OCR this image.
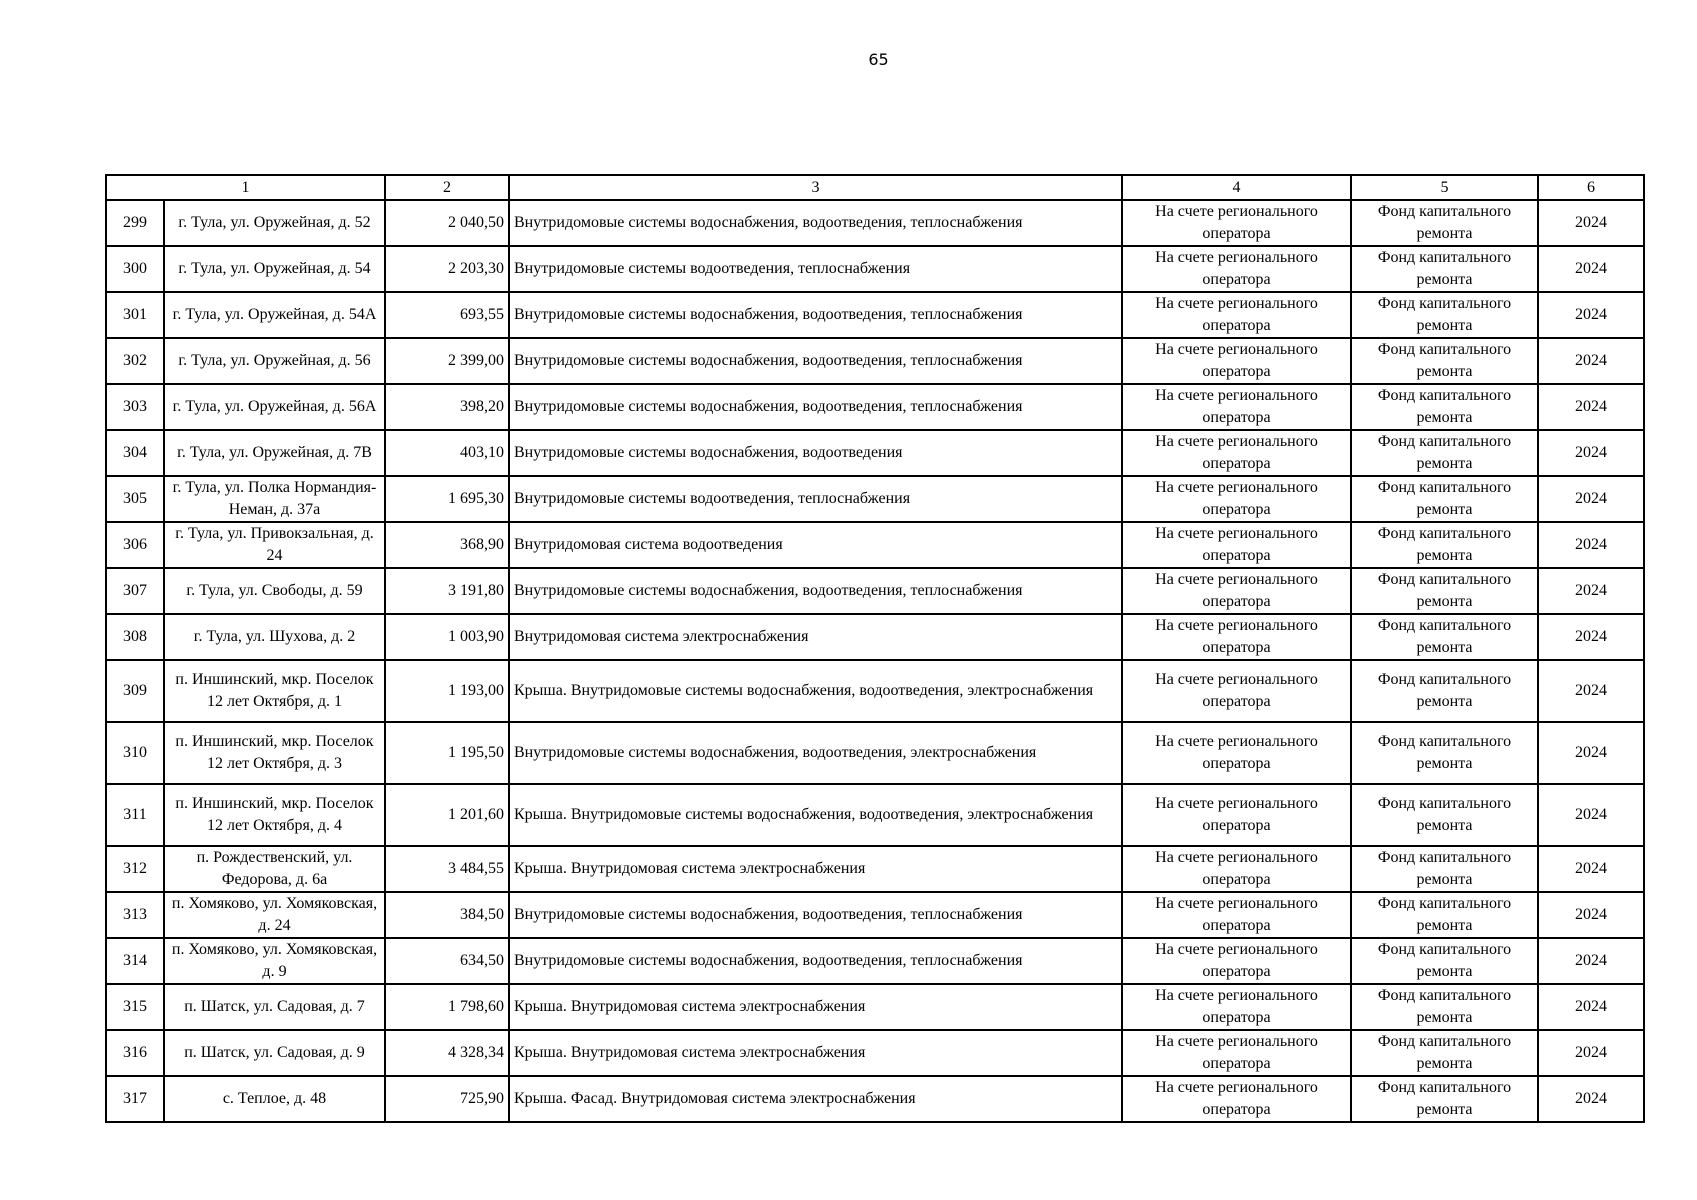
65
1		2	3	4	5	6
299	г. Тула, ул. Оружейная, д. 52	2 040,50	Внутридомовые системы водоснабжения, водоотведения, теплоснабжения	На счете регионального оператора	Фонд капитального ремонта	2024
300	г. Тула, ул. Оружейная, д. 54	2 203,30	Внутридомовые системы водоотведения, теплоснабжения	На счете регионального оператора	Фонд капитального ремонта	2024
301	г. Тула, ул. Оружейная, д. 54А	693,55	Внутридомовые системы водоснабжения, водоотведения, теплоснабжения	На счете регионального оператора	Фонд капитального ремонта	2024
302	г. Тула, ул. Оружейная, д. 56	2 399,00	Внутридомовые системы водоснабжения, водоотведения, теплоснабжения	На счете регионального оператора	Фонд капитального ремонта	2024
303	г. Тула, ул. Оружейная, д. 56А	398,20	Внутридомовые системы водоснабжения, водоотведения, теплоснабжения	На счете регионального оператора	Фонд капитального ремонта	2024
304	г. Тула, ул. Оружейная, д. 7В	403,10	Внутридомовые системы водоснабжения, водоотведения	На счете регионального оператора	Фонд капитального ремонта	2024
305	г. Тула, ул. Полка Нормандия-Неман, д. 37а	1 695,30	Внутридомовые системы водоотведения, теплоснабжения	На счете регионального оператора	Фонд капитального ремонта	2024
306	г. Тула, ул. Привокзальная, д. 24	368,90	Внутридомовая система водоотведения	На счете регионального оператора	Фонд капитального ремонта	2024
307	г. Тула, ул. Свободы, д. 59	3 191,80	Внутридомовые системы водоснабжения, водоотведения, теплоснабжения	На счете регионального оператора	Фонд капитального ремонта	2024
308	г. Тула, ул. Шухова, д. 2	1 003,90	Внутридомовая система электроснабжения	На счете регионального оператора	Фонд капитального ремонта	2024
309	п. Иншинский, мкр. Поселок 12 лет Октября, д. 1	1 193,00	Крыша. Внутридомовые системы водоснабжения, водоотведения, электроснабжения	На счете регионального оператора	Фонд капитального ремонта	2024
310	п. Иншинский, мкр. Поселок 12 лет Октября, д. 3	1 195,50	Внутридомовые системы водоснабжения, водоотведения, электроснабжения	На счете регионального оператора	Фонд капитального ремонта	2024
311	п. Иншинский, мкр. Поселок 12 лет Октября, д. 4	1 201,60	Крыша. Внутридомовые системы водоснабжения, водоотведения, электроснабжения	На счете регионального оператора	Фонд капитального ремонта	2024
312	п. Рождественский, ул. Федорова, д. 6а	3 484,55	Крыша. Внутридомовая система электроснабжения	На счете регионального оператора	Фонд капитального ремонта	2024
313	п. Хомяково, ул. Хомяковская, д. 24	384,50	Внутридомовые системы водоснабжения, водоотведения, теплоснабжения	На счете регионального оператора	Фонд капитального ремонта	2024
314	п. Хомяково, ул. Хомяковская, д. 9	634,50	Внутридомовые системы водоснабжения, водоотведения, теплоснабжения	На счете регионального оператора	Фонд капитального ремонта	2024
315	п. Шатск, ул. Садовая, д. 7	1 798,60	Крыша. Внутридомовая система электроснабжения	На счете регионального оператора	Фонд капитального ремонта	2024
316	п. Шатск, ул. Садовая, д. 9	4 328,34	Крыша. Внутридомовая система электроснабжения	На счете регионального оператора	Фонд капитального ремонта	2024
317	с. Теплое, д. 48	725,90	Крыша. Фасад. Внутридомовая система электроснабжения	На счете регионального оператора	Фонд капитального ремонта	2024
